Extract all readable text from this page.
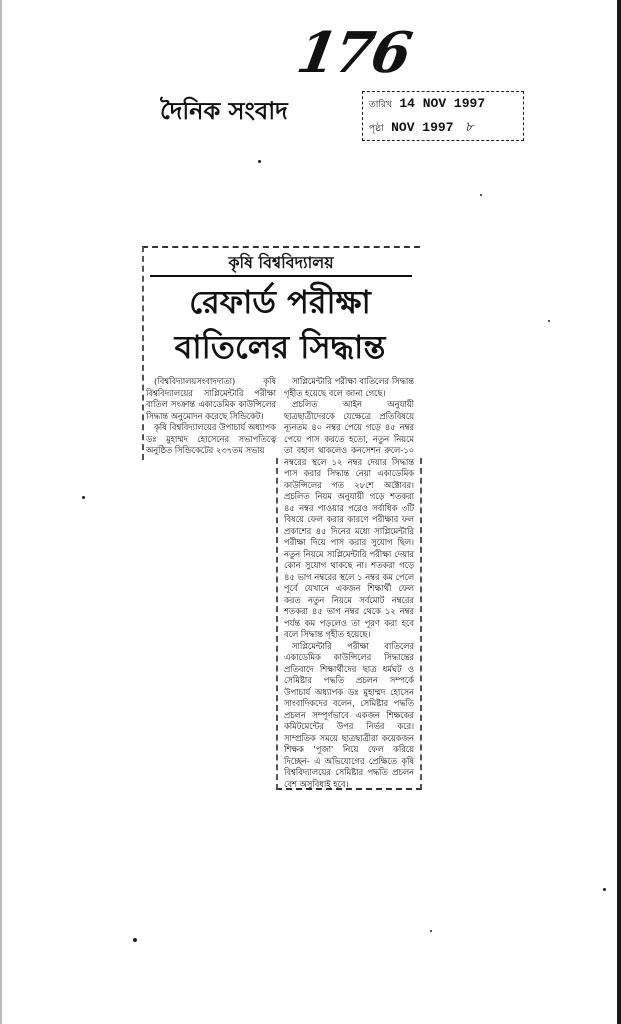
176
দৈনিক সংবাদ	তারিখ 14 NOV 1997
পৃষ্ঠা NOV 1997 ৮
কৃষি বিশ্ববিদ্যালয়
রেফার্ড পরীক্ষা
বাতিলের সিদ্ধান্ত

(বিশ্ববিদ্যালয়সংবাদদাতা) কৃষি বিশ্ববিদ্যালয়ের সাপ্লিমেন্টারি পরীক্ষা বাতিল সংক্রান্ত একাডেমিক কাউন্সিলের সিদ্ধান্ত অনুমোদন করেছে সিন্ডিকেট।

কৃষি বিশ্ববিদ্যালয়ের উপাচার্য অধ্যাপক ডঃ মুহাম্মদ হোসেনের সভাপতিত্বে অনুষ্ঠিত সিন্ডিকেটের ২৩৭তম সভায়

সাপ্লিমেন্টারি পরীক্ষা বাতিলের সিদ্ধান্ত গৃহীত হয়েছে বলে জানা গেছে।

প্রচলিত আইন অনুযায়ী ছাত্রছাত্রীদেরকে যেক্ষেত্রে প্রতিবিষয়ে ন্যূনতম ৪০ নম্বর পেয়ে গড়ে ৪৫ নম্বর পেয়ে পাস করতে হতো, নতুন নিয়মে তা বহাল থাকলেও কনসেশন রুলে-১০ নম্বরের স্থলে ১২ নম্বর দেয়ার সিদ্ধান্ত পাস করার সিদ্ধান্ত নেয়া একাডেমিক কাউন্সিলের গত ২৮শে অক্টোবর। প্রচলিত নিয়ম অনুযায়ী গড়ে শতকরা ৪৫ নম্বর পাওয়ার পরেও সর্বাধিক ৩টি বিষয়ে ফেল করার কারণে পরীক্ষার ফল প্রকাশের ৪৫ দিনের মধ্যে সাপ্লিমেন্টারি পরীক্ষা দিয়ে পাস করার সুযোগ ছিল। নতুন নিয়মে সাপ্লিমেন্টারি পরীক্ষা দেয়ার কোন সুযোগ থাকছে না। শতকরা গড়ে ৪৫ ভাগ নম্বরের স্থলে ১ নম্বর কম পেলে পূর্বে যেখানে একজন শিক্ষার্থী ফেল করত নতুন নিয়মে সর্বমোট নম্বরের শতকরা ৪৫ ভাগ নম্বর থেকে ১২ নম্বর পর্যন্ত কম পড়লেও তা পূরণ করা হবে বলে সিদ্ধান্ত গৃহীত হয়েছে।

সাপ্লিমেন্টারি পরীক্ষা বাতিলের একাডেমিক কাউন্সিলের সিদ্ধান্তের প্রতিবাদে শিক্ষার্থীদের ছাত্র ধর্মঘট ও সেমিষ্টার পদ্ধতি প্রচলন সম্পর্কে উপাচার্য অধ্যাপক ডঃ মুহাম্মদ হোসেন সাংবাদিকদের বলেন, সেমিষ্টার পদ্ধতি প্রচলন সম্পূর্ণভাবে একজন শিক্ষকের কমিটমেন্টের উপর নির্ভর করে। সাম্প্রতিক সময়ে ছাত্রছাত্রীরা কয়েকজন শিক্ষক 'পূজা' নিয়ে ফেল করিয়ে দিচ্ছেন- এ অভিযোগের প্রেক্ষিতে কৃষি বিশ্ববিদ্যালয়ের সেমিষ্টার পদ্ধতি প্রচলন বেশ অসুবিধাই হবে।
